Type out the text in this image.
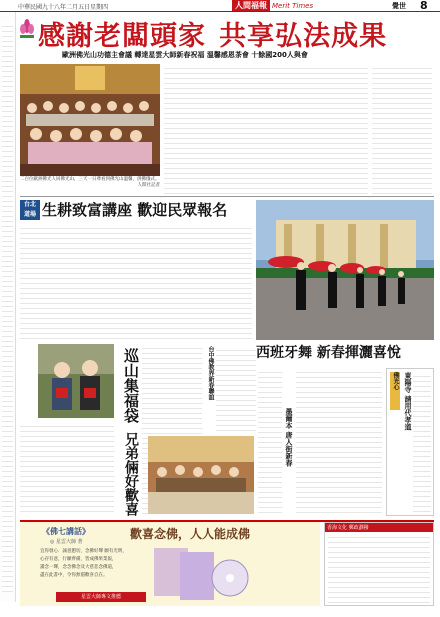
中華民國九十八年二月五日星期四	人間福報 Merit Times	覺世 8
感謝老闆頭家 共享弘法成果
歐洲佛光山功德主會議 轉達星雲大師新春祝福 溫馨感恩茶會 十餘國200人與會
二百位歐洲佛光人回佛光山，三天一日尊看到佛光山溫馨，供佛儀式。
人間社記者
台北
道場 生耕致富講座 歡迎民眾報名
西班牙舞 新春揮灑喜悅
巡山集福袋
兄弟倆好歡喜
台中佛教界新春聯誼
墨爾本 唐人街新春
佛光心 東陽寺 請用代孝道
《佛七講話》
◎ 星雲大師 著
歡喜念佛，人人能成佛
宜你發心．誠意懇切，念佛好聲 願有光明，
心存有意，行願齊備，皆成佛果業報，
讀念一聲，念念佛念及大慈悲念佛道，
盡在此書中，令你無窮歡喜自在。
星雲大師專文推薦
香海文化 郵政劃撥
